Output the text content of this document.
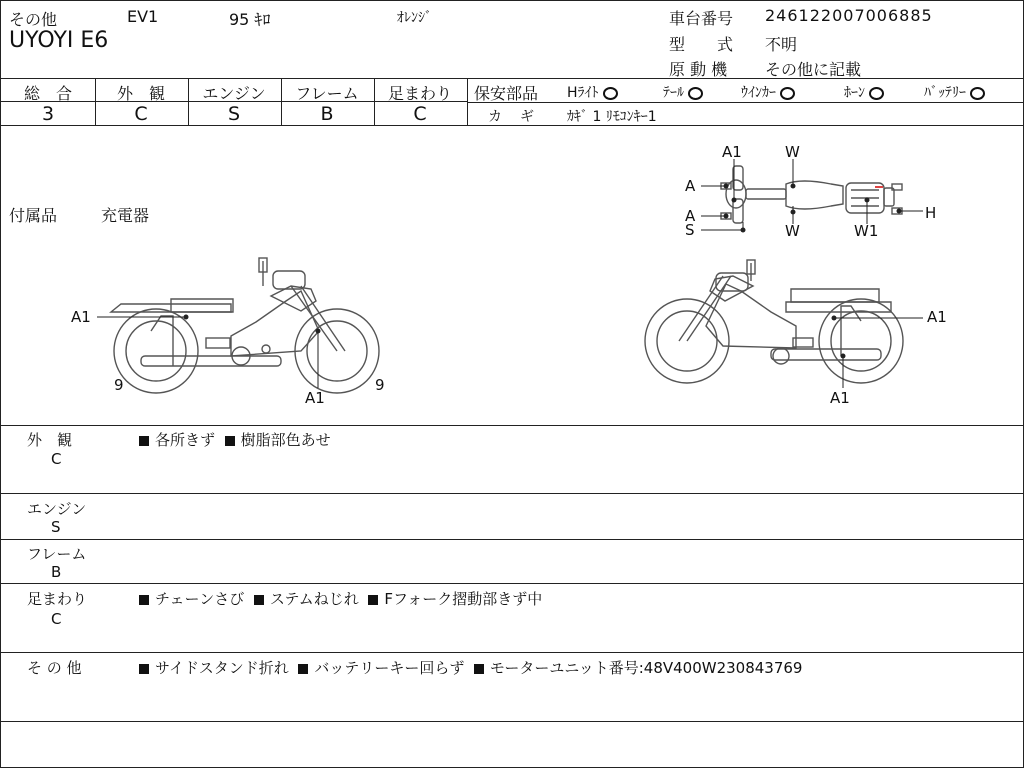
その他	EV1	95 ｷﾛ	ｵﾚﾝｼﾞ
UYOYI E6
車台番号 246122007006885
型　　式 不明
原 動 機 その他に記載
総　合
3
外　観
C
エンジン
S
フレーム
B
足まわり
C
保安部品 Hﾗｲﾄ	ﾃｰﾙ	ｳｲﾝｶｰ	ﾎｰﾝ	ﾊﾞｯﾃﾘｰ
カ　ギ ｶｷﾞ 1 ﾘﾓｺﾝｷｰ1
付属品	充電器
A1	W
A
A
S	W	W1
H
A1
9
A1
9
A1
A1
外　観
C
各所きず 樹脂部色あせ
エンジン
S
フレーム
B
足まわり
C
チェーンさび ステムねじれ Fフォーク摺動部きず中
そ の 他	サイドスタンド折れ バッテリーキー回らず モーターユニット番号:48V400W230843769
